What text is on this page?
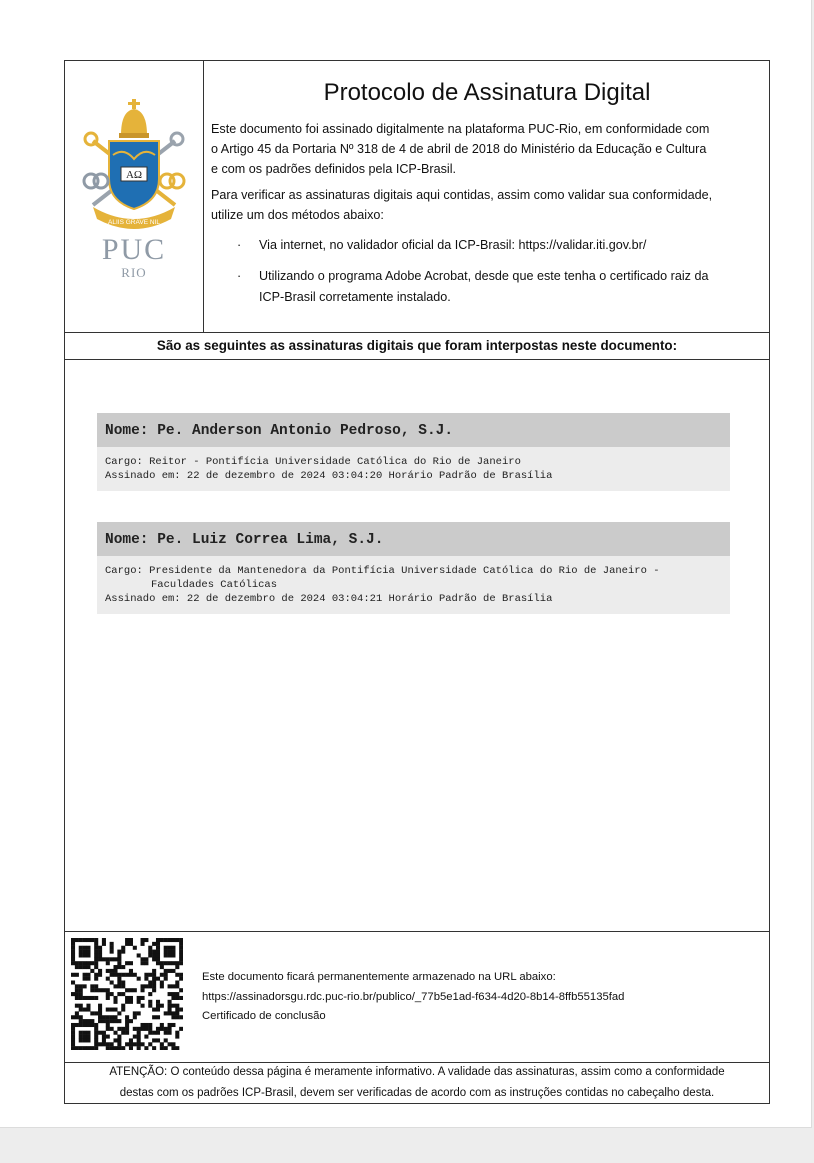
AΩ
ALIIS GRAVE NIL
PUC
RIO
Protocolo de Assinatura Digital

Este documento foi assinado digitalmente na plataforma PUC-Rio, em conformidade com
o Artigo 45 da Portaria Nº 318 de 4 de abril de 2018 do Ministério da Educação e Cultura
e com os padrões definidos pela ICP-Brasil.

Para verificar as assinaturas digitais aqui contidas, assim como validar sua conformidade,
utilize um dos métodos abaixo:

· Via internet, no validador oficial da ICP-Brasil: https://validar.iti.gov.br/
· Utilizando o programa Adobe Acrobat, desde que este tenha o certificado raiz da
ICP-Brasil corretamente instalado.
São as seguintes as assinaturas digitais que foram interpostas neste documento:
Nome: Pe. Anderson Antonio Pedroso, S.J.
Cargo: Reitor - Pontifícia Universidade Católica do Rio de Janeiro
Assinado em: 22 de dezembro de 2024 03:04:20 Horário Padrão de Brasília
Nome: Pe. Luiz Correa Lima, S.J.
Cargo: Presidente da Mantenedora da Pontifícia Universidade Católica do Rio de Janeiro -
Faculdades Católicas
Assinado em: 22 de dezembro de 2024 03:04:21 Horário Padrão de Brasília
Este documento ficará permanentemente armazenado na URL abaixo:
https://assinadorsgu.rdc.puc-rio.br/publico/_77b5e1ad-f634-4d20-8b14-8ffb55135fad
Certificado de conclusão
ATENÇÃO: O conteúdo dessa página é meramente informativo. A validade das assinaturas, assim como a conformidade
destas com os padrões ICP-Brasil, devem ser verificadas de acordo com as instruções contidas no cabeçalho desta.
